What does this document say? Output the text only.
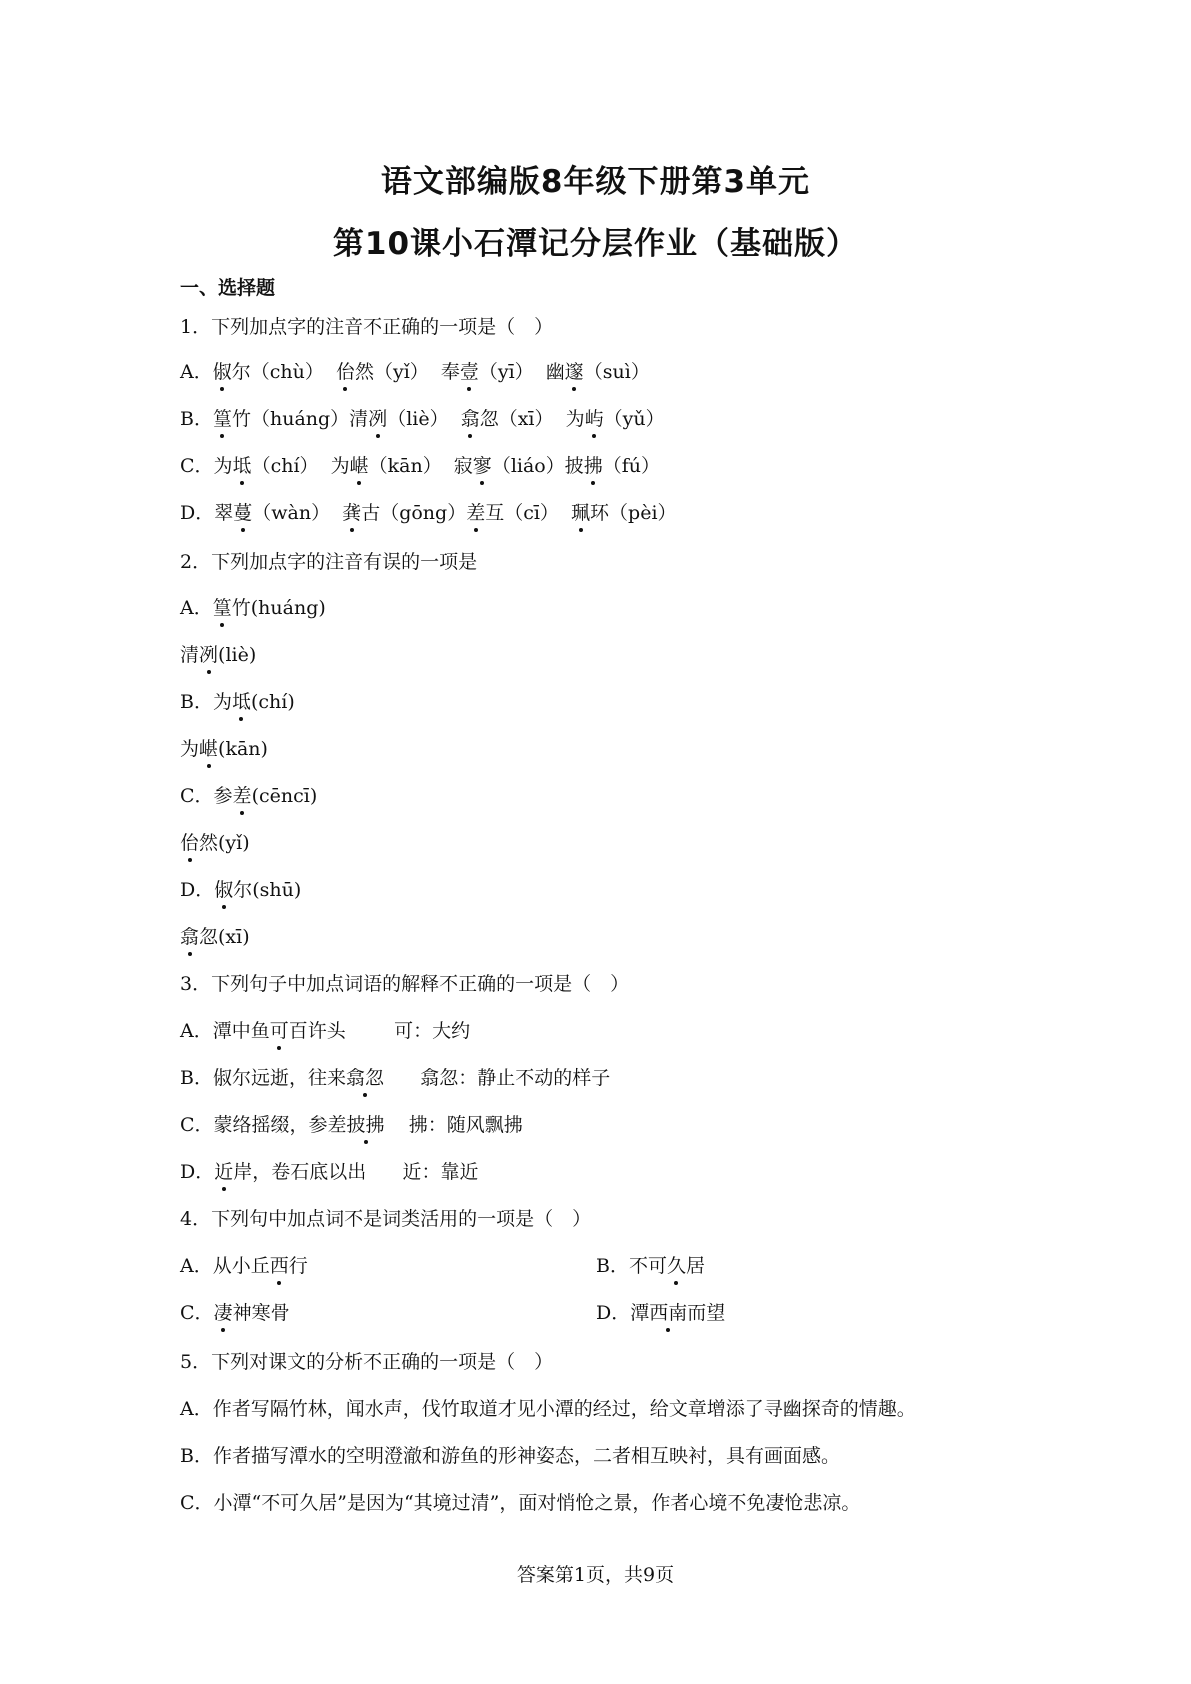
语文部编版8年级下册第3单元
第10课小石潭记分层作业（基础版）
一、选择题
1．下列加点字的注音不正确的一项是（　）
A．俶尔（chù）  佁然（yǐ）  奉壹（yī）  幽邃（suì）
B．篁竹（huáng）清冽（liè）  翕忽（xī）  为屿（yǔ）
C．为坻（chí）  为嵁（kān）  寂寥（liáo）披拂（fú）
D．翠蔓（wàn）  龚古（gōng）差互（cī）  珮环（pèi）
2．下列加点字的注音有误的一项是
A．篁竹(huáng)
清冽(liè)
B．为坻(chí)
为嵁(kān)
C．参差(cēncī)
佁然(yǐ)
D．俶尔(shū)
翕忽(xī)
3．下列句子中加点词语的解释不正确的一项是（　）
A．潭中鱼可百许头        可：大约
B．俶尔远逝，往来翕忽      翕忽：静止不动的样子
C．蒙络摇缀，参差披拂    拂：随风飘拂
D．近岸，卷石底以出      近：靠近
4．下列句中加点词不是词类活用的一项是（　）
A．从小丘西行	B．不可久居
C．凄神寒骨	D．潭西南而望
5．下列对课文的分析不正确的一项是（　）
A．作者写隔竹林，闻水声，伐竹取道才见小潭的经过，给文章增添了寻幽探奇的情趣。
B．作者描写潭水的空明澄澈和游鱼的形神姿态，二者相互映衬，具有画面感。
C．小潭“不可久居”是因为“其境过清”，面对悄怆之景，作者心境不免凄怆悲凉。
答案第1页，共9页
